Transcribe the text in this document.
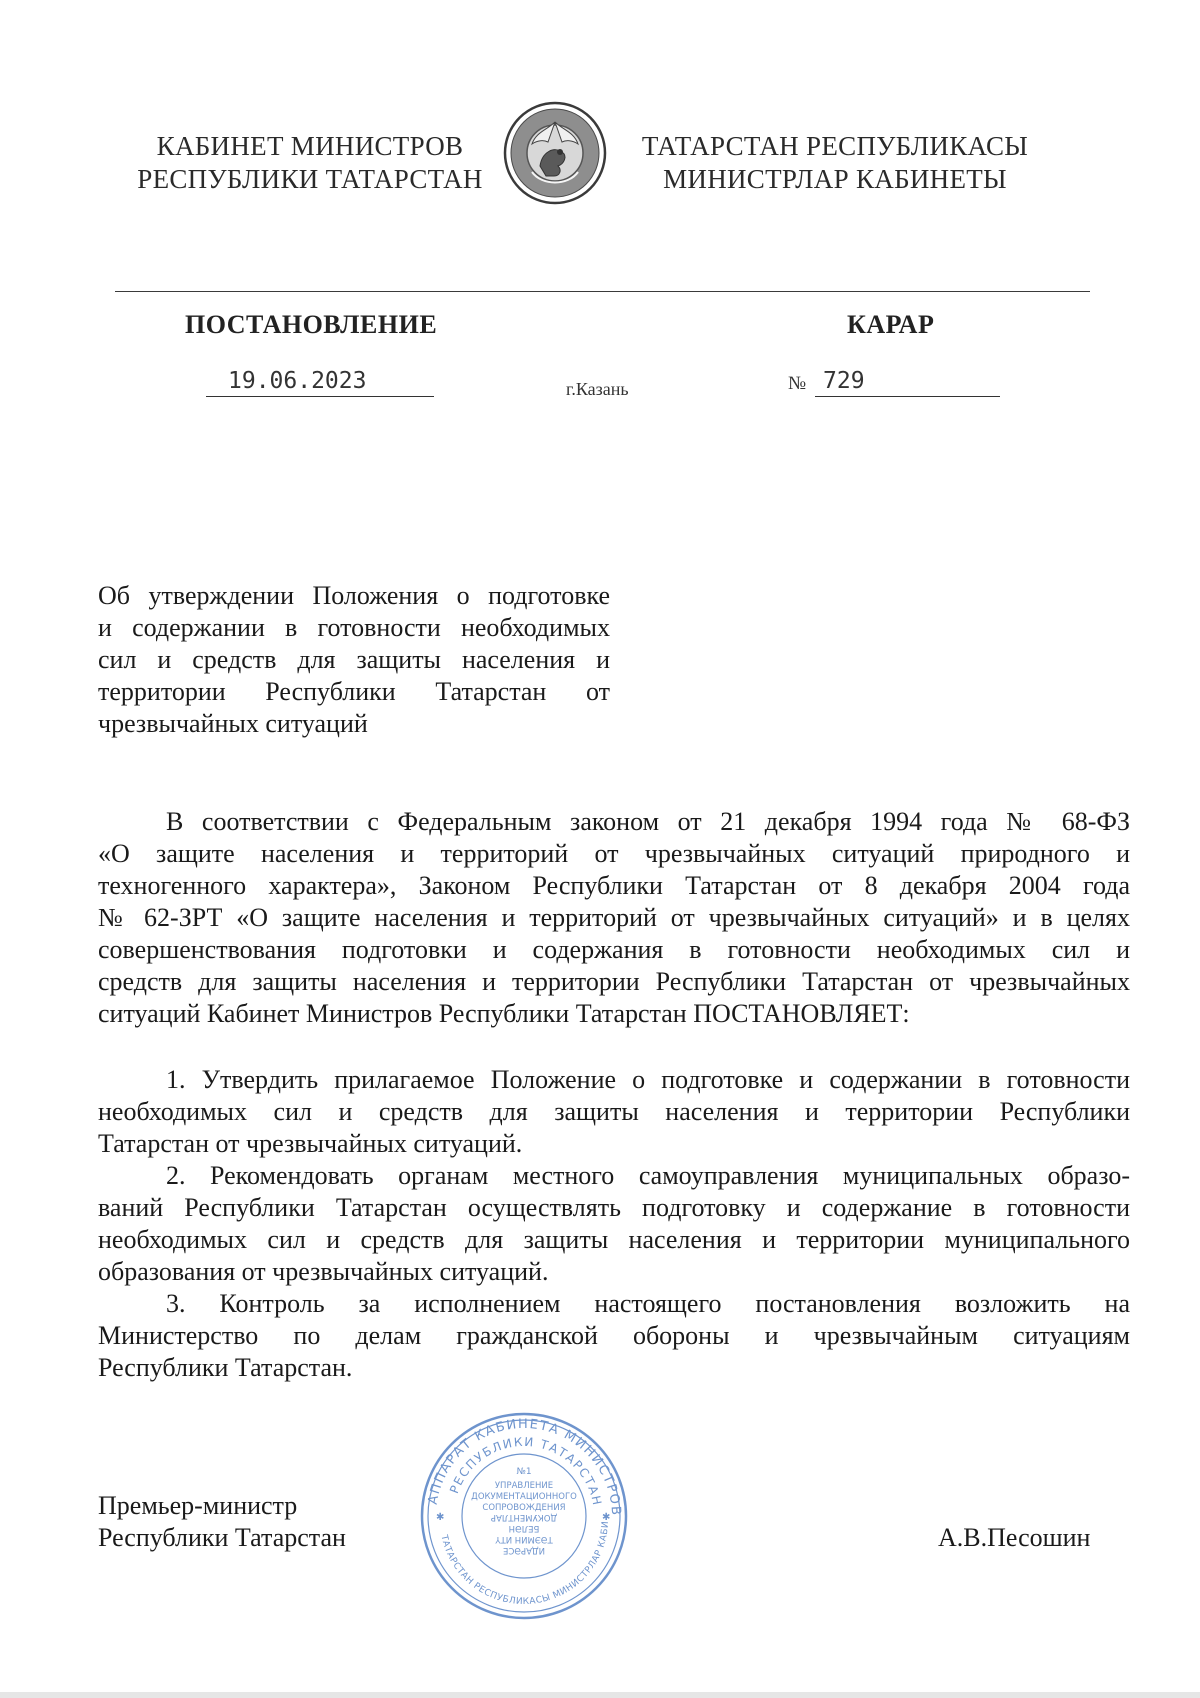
КАБИНЕТ МИНИСТРОВ
РЕСПУБЛИКИ ТАТАРСТАН
ТАТАРСТАН РЕСПУБЛИКАСЫ
МИНИСТРЛАР КАБИНЕТЫ
ПОСТАНОВЛЕНИЕ	КАРАР
19.06.2023	г.Казань	№ 729
Об утверждении Положения о подготовке
и содержании в готовности необходимых
сил и средств для защиты населения и
территории Республики Татарстан от
чрезвычайных ситуаций
В соответствии с Федеральным законом от 21 декабря 1994 года № 68-ФЗ
«О защите населения и территорий от чрезвычайных ситуаций природного и
техногенного характера», Законом Республики Татарстан от 8 декабря 2004 года
№ 62-ЗРТ «О защите населения и территорий от чрезвычайных ситуаций» и в целях
совершенствования подготовки и содержания в готовности необходимых сил и
средств для защиты населения и территории Республики Татарстан от чрезвычайных
ситуаций Кабинет Министров Республики Татарстан ПОСТАНОВЛЯЕТ:
1. Утвердить прилагаемое Положение о подготовке и содержании в готовности
необходимых сил и средств для защиты населения и территории Республики
Татарстан от чрезвычайных ситуаций.
2. Рекомендовать органам местного самоуправления муниципальных образо-
ваний Республики Татарстан осуществлять подготовку и содержание в готовности
необходимых сил и средств для защиты населения и территории муниципального
образования от чрезвычайных ситуаций.
3. Контроль за исполнением настоящего постановления возложить на
Министерство по делам гражданской обороны и чрезвычайным ситуациям
Республики Татарстан.
Премьер-министр
Республики Татарстан	А.В.Песошин
АППАРАТ КАБИНЕТА МИНИСТРОВ
РЕСПУБЛИКИ ТАТАРСТАН
ТАТАРСТАН РЕСПУБЛИКАСЫ МИНИСТРЛАР КАБИ
№1
УПРАВЛЕНИЕ
ДОКУМЕНТАЦИОННОГО
СОПРОВОЖДЕНИЯ
ИДАРӘСЕ
ТӘЭМИН ИТҮ
БЕЛӘН
ДОКУМЕНТЛАР
✱	✱
